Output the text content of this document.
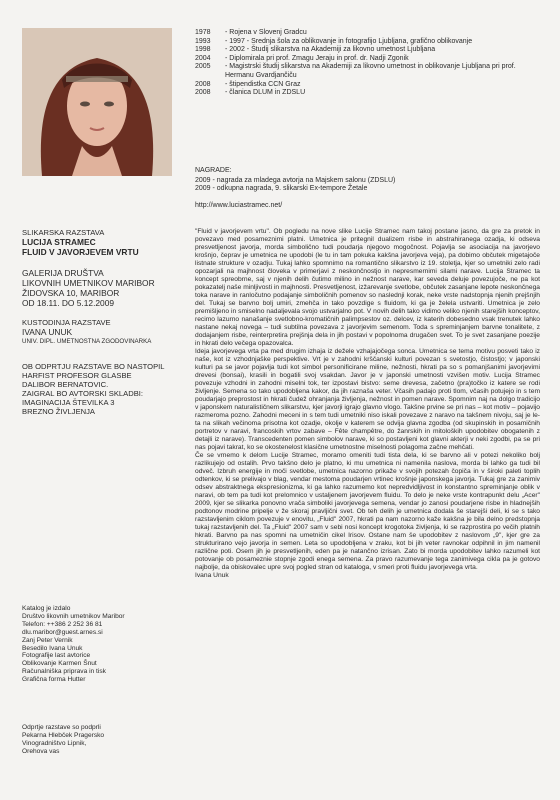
1978	- Rojena v Slovenj Gradcu
1993	- 1997 - Srednja šola za oblikovanje in fotografijo Ljubljana, grafično oblikovanje
1998	- 2002 - Študij slikarstva na Akademiji za likovno umetnost Ljubljana
2004	- Diplomirala pri prof. Zmagu Jeraju in prof. dr. Nadji Zgonik
2005	- Magistrski študij slikarstva na Akademiji za likovno umetnost in oblikovanje Ljubljana pri prof. Hermanu Gvardjančiču
2008	- štipendistka CCN Graz
2008	- članica DLUM in ZDSLU
NAGRADE:
2009 - nagrada za mladega avtorja na Majskem salonu (ZDSLU)
2009 - odkupna nagrada, 9. slikarski Ex-tempore Žetale
http://www.luciastramec.net/
SLIKARSKA RAZSTAVA
LUCIJA STRAMEC
FLUID V JAVORJEVEM VRTU
GALERIJA DRUŠTVA
LIKOVNIH UMETNIKOV MARIBOR
ŽIDOVSKA 10, MARIBOR
OD 18.11. DO 5.12.2009
KUSTODINJA RAZSTAVE
IVANA UNUK
UNIV. DIPL. UMETNOSTNA ZGODOVINARKA
OB ODPRTJU RAZSTAVE BO NASTOPIL
HARFIST PROFESOR GLASBE
DALIBOR BERNATOVIC.
ZAIGRAL BO AVTORSKI SKLADBI:
IMAGINACIJA ŠTEVILKA 3
BREZNO ŽIVLJENJA
Katalog je izdalo
Društvo likovnih umetnikov Maribor
Telefon: ++386 2 252 36 81
dlu.maribor@guest.arnes.si
Zanj Peter Vernik
Besedilo Ivana Unuk
Fotografije last avtorice
Oblikovanje Karmen Šnut
Računalniška priprava in tisk
Grafična forma Hutter
Odprtje razstave so podprli
Pekarna Hlebček Pragersko
Vinogradništvo Lipnik,
Orehova vas

"Fluid v javorjevem vrtu". Ob pogledu na nove slike Lucije Stramec nam takoj postane jasno, da gre za pretok in povezavo med posameznimi platni. Umetnica je pritegnil dualizem risbe in abstrahiranega ozadja, ki odseva presvetljenost javorja, morda simbolično tudi poudarja njegovo mogočnost. Pojavlja se asociacija na javorjevo krošnjo, čeprav je umetnica ne upodobi (le tu in tam pokuka kakšna javorjeva veja), pa dobimo občutek migetajoče listnate strukture v ozadju. Tukaj lahko spomnimo na romantično slikarstvo iz 19. stoletja, kjer so umetniki zelo radi opozarjali na majhnost človeka v primerjavi z neskončnostjo in nepresmernimi silami narave. Lucija Stramec ta koncept spreobrne, saj v njenih delih čutimo milino in nežnost narave, kar seveda deluje povezujoče, ne pa kot pokazatelj naše minljivosti in majhnosti. Presvetljenost, izžarevanje svetlobe, občutek zasanjane lepote neskončnega toka narave in ranločutno podajanje simboličnih pomenov so naslednji korak, neke vrste nadstopnja njenih prejšnjih del. Tukaj se barvno bolj umiri, zmehča in tako povzdige s fluidom, ki ga je želela ustvariti. Umetnica je zelo premišljeno in smiselno nadaljevala svojo ustvarjalno pot. V novih delih tako vidimo veliko njenih starejših konceptov, recimo lazurno nanašanje svetlobno-kromatičnih palimpsestov oz. delcev, iz katerih dobesedno vsak trenutek lahko nastane nekaj novega – tudi subtilna povezava z javorjevim semenom. Toda s spreminjanjem barvne tonalitete, z dodajanjem risbe, reinterpretira prejšnja dela in jih postavi v popolnoma drugačen svet. To je svet zasanjane poezije in hkrati delo večega opazovalca.

Ideja javorjevega vrta pa med drugim izhaja iz dežele vzhajajočega sonca. Umetnica se tema motivu posveti tako iz naše, kot iz vzhodnjaške perspektive. Vrt je v zahodni krščanski kulturi povezan s svetostjo, čistostjo; v japonski kulturi pa se javor pojavlja tudi kot simbol personificirane miline, nežnosti, hkrati pa so s pomanjšanimi javorjevimi drevesi (bonsai), krasili in bogatili svoj vsakdan. Javor je v japonski umetnosti vzvišen motiv. Lucija Stramec povezuje vzhodni in zahodni miselni tok, ter izpostavi bistvo: seme drevesa, začetno (pra)točko iz katere se rodi življenje. Semena so tako upodobljena kakor, da jih raznaša veter. Včasih padajo proti tlom, včasih potujejo in s tem poudarjajo preprostost in hkrati čudež ohranjanja življenja, nežnost in pomen narave. Spomnim naj na dolgo tradicijo v japonskem naturalističnem slikarstvu, kjer javorji igrajo glavno vlogo. Takšne prvine se pri nas – kot motiv – pojavijo razmeroma pozno. Zahodni meceni in s tem tudi umetniki niso iskali povezave z naravo na takšnem nivoju, saj je le-ta na slikah večinoma prisotna kot ozadje, okolje v katerem se odvija glavna zgodba (od skupinskih in posamičnih portretov v naravi, francoskih vrtov zabave – Fête champêtre, do žanrskih in mitoloških upodobitev obogatenih z detajli iz narave). Transcedenten pomen simbolov narave, ki so postavljeni kot glavni akterji v neki zgodbi, pa se pri nas pojavi takrat, ko se okostenelost klasične umetnostne miselnosti polagoma začne mehčati.

Če se vrnemo k delom Lucije Stramec, moramo omeniti tudi tista dela, ki se barvno ali v potezi nekoliko bolj razlikujejo od ostalih. Prvo takšno delo je platno, ki mu umetnica ni namenila naslova, morda bi lahko ga tudi bil odveč. Izbruh energije in moči svetlobe, umetnica nazorno prikaže v svojih potezah čopiča in v široki paleti toplih odtenkov, ki se prelivajo v blag, vendar mestoma poudarjen vrtinec krošnje japonskega javorja. Tukaj gre za zanimiv odsev abstraktnega ekspresionizma, ki ga lahko razumemo kot nepredvidljivost in konstantno spreminjanje oblik v naravi, ob tem pa tudi kot prelomnico v ustaljenem javorjevem fluidu. To delo je neke vrste kontrapunkt delu „Acer" 2009, kjer se slikarka ponovno vrača simboliki javorjevega semena, vendar jo zanosi poudarjene risbe in hladnejših podtonov modrine pripelje v že skoraj pravljični svet. Ob teh delih je umetnica dodala še starejši deli, ki se s tako razstavljenim ciklom povezuje v enovitu, „Fluid" 2007, hkrati pa nam nazorno kaže kakšna je bila delno predstopnja tukaj razstavljenih del. Ta „Fluid" 2007 sam v sebi nosi koncept krogotoka življenja, ki se razprostira po večih platnih hkrati. Barvno pa nas spomni na umetničin cikel Irisov. Ostane nam še upodobitev z naslovom „9", kjer gre za strukturirano vejo javorja in semen. Leta so upodobljena v zraku, kot bi jih veter ravnokar odpihnil in jim namenil različne poti. Osem jih je presvetljenih, eden pa je natančno izrisan. Zato bi morda upodobitev lahko razumeli kot potovanje ob posameznie stopnje zgodi enega semena. Za pravo razumevanje tega zanimivega cikla pa je gotovo najbolje, da obiskovalec upre svoj pogled stran od kataloga, v smeri proti fluidu javorjevega vrta.

Ivana Unuk
